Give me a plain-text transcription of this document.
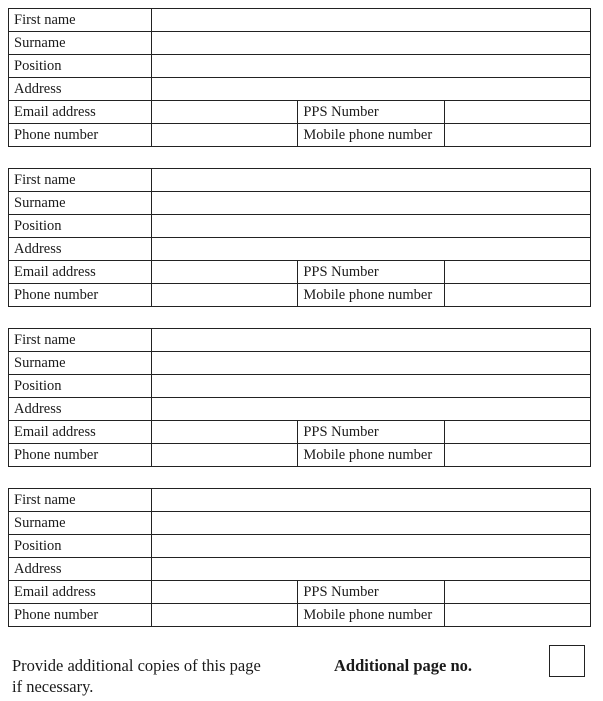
First name			
Surname			
Position			
Address			
Email address		PPS Number	
Phone number		Mobile phone number	
First name			
Surname			
Position			
Address			
Email address		PPS Number	
Phone number		Mobile phone number	
First name			
Surname			
Position			
Address			
Email address		PPS Number	
Phone number		Mobile phone number	
First name			
Surname			
Position			
Address			
Email address		PPS Number	
Phone number		Mobile phone number	
Provide additional copies of this page if necessary.
Additional page no.
